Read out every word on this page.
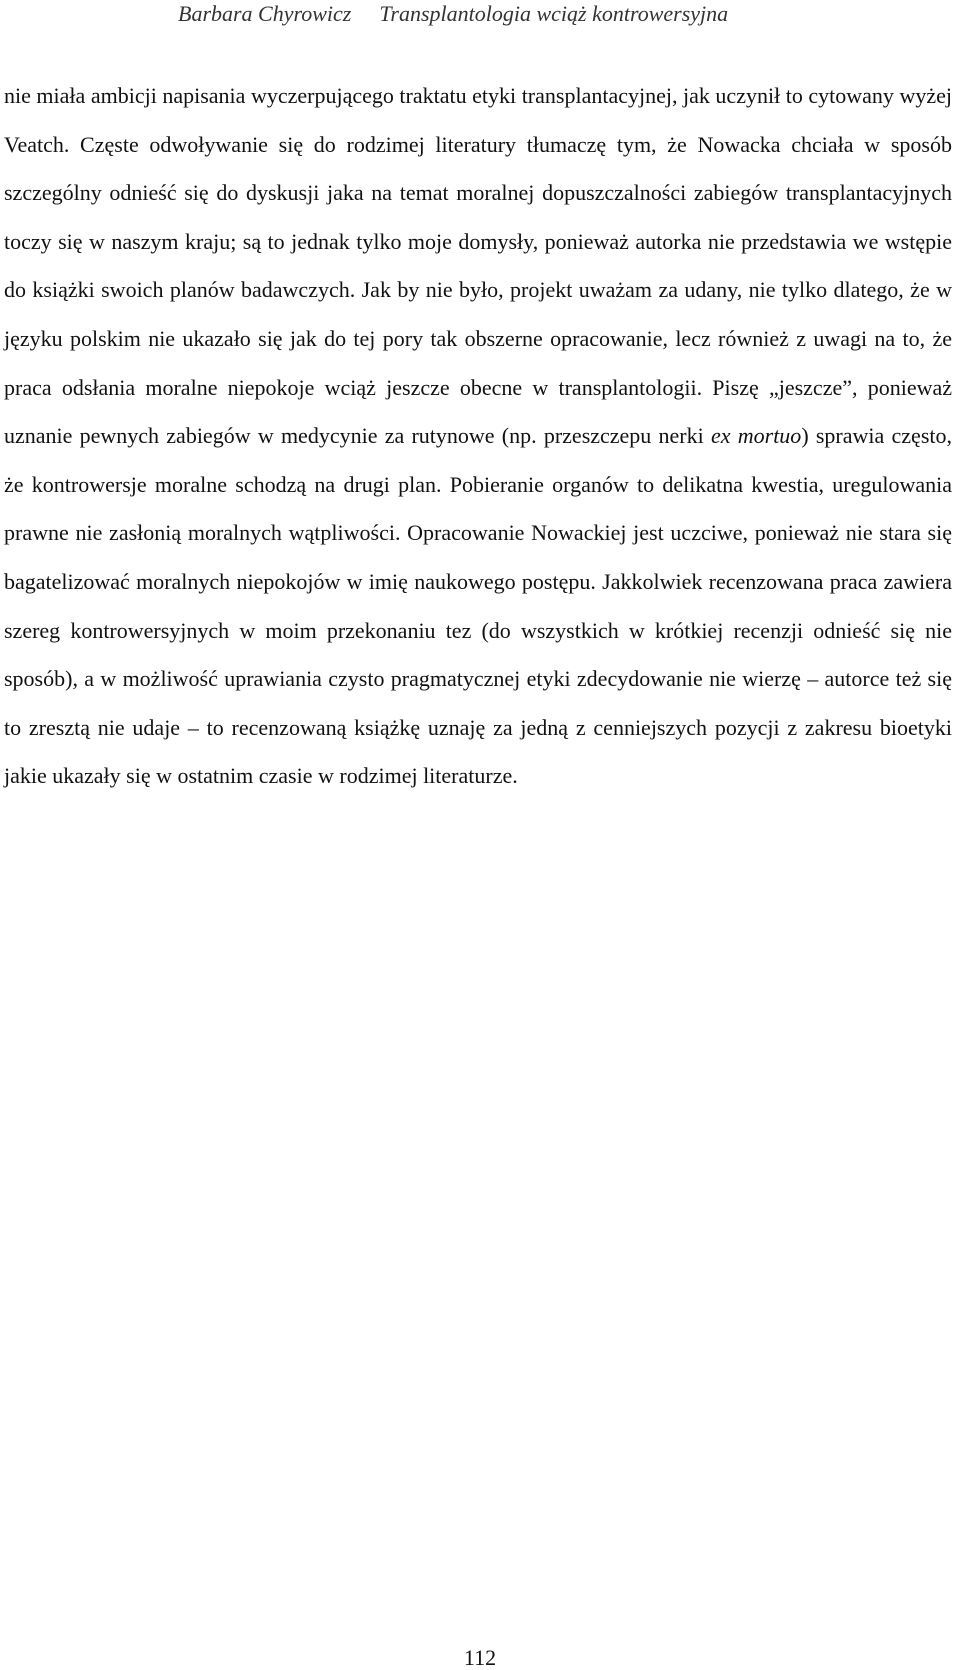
Barbara Chyrowicz Transplantologia wciąż kontrowersyjna

nie miała ambicji napisania wyczerpującego traktatu etyki transplantacyjnej, jak uczynił to cytowany wyżej Veatch. Częste odwoływanie się do rodzimej literatury tłumaczę tym, że Nowacka chciała w sposób szczególny odnieść się do dyskusji jaka na temat moralnej dopuszczalności zabiegów transplantacyjnych toczy się w naszym kraju; są to jednak tylko moje domysły, ponieważ autorka nie przedstawia we wstępie do książki swoich planów badawczych. Jak by nie było, projekt uważam za udany, nie tylko dlatego, że w języku polskim nie ukazało się jak do tej pory tak obszerne opracowanie, lecz również z uwagi na to, że praca odsłania moralne niepokoje wciąż jeszcze obecne w transplantologii. Piszę „jeszcze”, ponieważ uznanie pewnych zabiegów w medycynie za rutynowe (np. przeszczepu nerki ex mortuo) sprawia często, że kontrowersje moralne schodzą na drugi plan. Pobieranie organów to delikatna kwestia, uregulowania prawne nie zasłonią moralnych wątpliwości. Opracowanie Nowackiej jest uczciwe, ponieważ nie stara się bagatelizować moralnych niepokojów w imię naukowego postępu. Jakkolwiek recenzowana praca zawiera szereg kontrowersyjnych w moim przekonaniu tez (do wszystkich w krótkiej recenzji odnieść się nie sposób), a w możliwość uprawiania czysto pragmatycznej etyki zdecydowanie nie wierzę – autorce też się to zresztą nie udaje – to recenzowaną książkę uznaję za jedną z cenniejszych pozycji z zakresu bioetyki jakie ukazały się w ostatnim czasie w rodzimej literaturze.

112
